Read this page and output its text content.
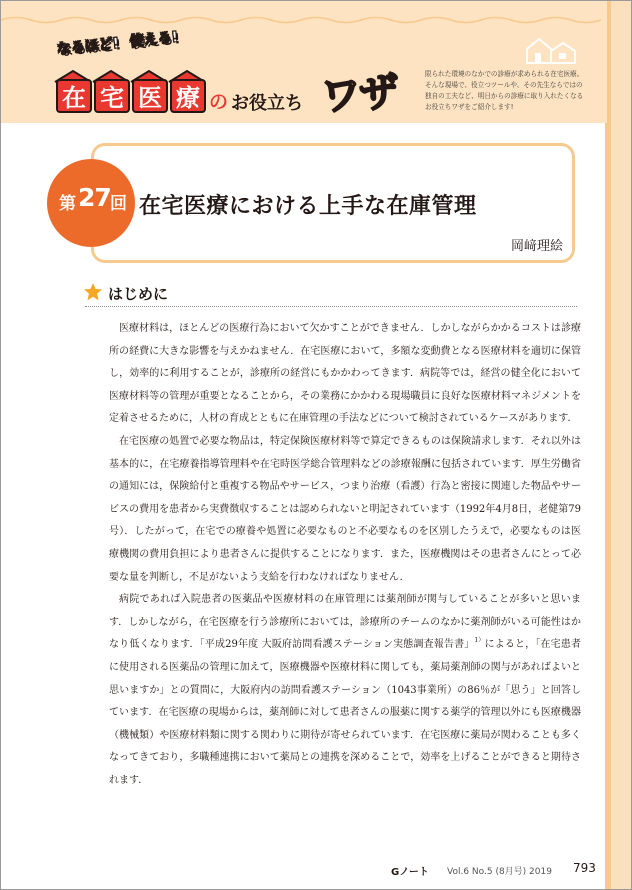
なるほど! 使える!
在 宅 医 療 の お役立ち ワザ	限られた環境のなかでの診療が求められる在宅医療。そんな現場で、役立つツールや、その先生ならではの独自の工夫など、明日からの診療に取り入れたくなるお役立ちワザをご紹介します!
第 27 回 在宅医療における上手な在庫管理
岡﨑理絵
はじめに

医療材料は，ほとんどの医療行為において欠かすことができません．しかしながらかかるコストは診療所の経費に大きな影響を与えかねません．在宅医療において，多額な変動費となる医療材料を適切に保管し，効率的に利用することが，診療所の経営にもかかわってきます．病院等では，経営の健全化において医療材料等の管理が重要となることから，その業務にかかわる現場職員に良好な医療材料マネジメントを定着させるために，人材の育成とともに在庫管理の手法などについて検討されているケースがあります．

在宅医療の処置で必要な物品は，特定保険医療材料等で算定できるものは保険請求します．それ以外は基本的に，在宅療養指導管理料や在宅時医学総合管理料などの診療報酬に包括されています．厚生労働省の通知には，保険給付と重複する物品やサービス，つまり治療（看護）行為と密接に関連した物品やサービスの費用を患者から実費徴収することは認められないと明記されています（1992年4月8日，老健第79号）．したがって，在宅での療養や処置に必要なものと不必要なものを区別したうえで，必要なものは医療機関の費用負担により患者さんに提供することになります．また，医療機関はその患者さんにとって必要な量を判断し，不足がないよう支給を行わなければなりません．

病院であれば入院患者の医薬品や医療材料の在庫管理には薬剤師が関与していることが多いと思います．しかしながら，在宅医療を行う診療所においては，診療所のチームのなかに薬剤師がいる可能性はかなり低くなります．「平成29年度 大阪府訪問看護ステーション実態調査報告書」$^{1)}$によると，「在宅患者に使用される医薬品の管理に加えて，医療機器や医療材料に関しても，薬局薬剤師の関与があればよいと思いますか」との質問に，大阪府内の訪問看護ステーション（1043事業所）の86％が「思う」と回答しています．在宅医療の現場からは，薬剤師に対して患者さんの服薬に関する薬学的管理以外にも医療機器（機械類）や医療材料類に関する関わりに期待が寄せられています．在宅医療に薬局が関わることも多くなってきており，多職種連携において薬局との連携を深めることで，効率を上げることができると期待されます．

Gノート Vol.6 No.5 (8月号) 2019 793
